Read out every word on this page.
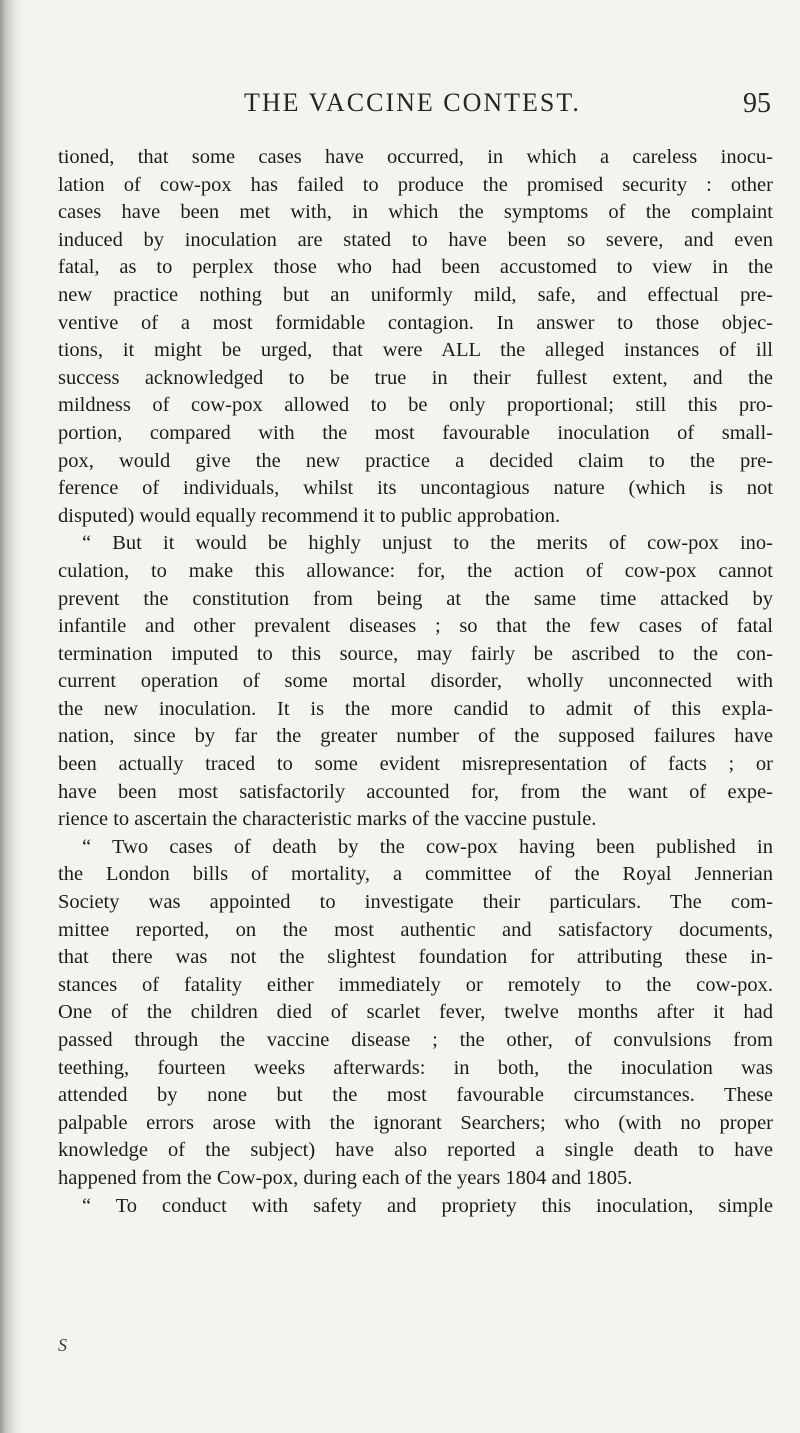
THE VACCINE CONTEST.	95
tioned, that some cases have occurred, in which a careless inocu-
lation of cow-pox has failed to produce the promised security : other
cases have been met with, in which the symptoms of the complaint
induced by inoculation are stated to have been so severe, and even
fatal, as to perplex those who had been accustomed to view in the
new practice nothing but an uniformly mild, safe, and effectual pre-
ventive of a most formidable contagion. In answer to those objec-
tions, it might be urged, that were ALL the alleged instances of ill
success acknowledged to be true in their fullest extent, and the
mildness of cow-pox allowed to be only proportional; still this pro-
portion, compared with the most favourable inoculation of small-
pox, would give the new practice a decided claim to the pre-
ference of individuals, whilst its uncontagious nature (which is not
disputed) would equally recommend it to public approbation.
“ But it would be highly unjust to the merits of cow-pox ino-
culation, to make this allowance: for, the action of cow-pox cannot
prevent the constitution from being at the same time attacked by
infantile and other prevalent diseases ; so that the few cases of fatal
termination imputed to this source, may fairly be ascribed to the con-
current operation of some mortal disorder, wholly unconnected with
the new inoculation. It is the more candid to admit of this expla-
nation, since by far the greater number of the supposed failures have
been actually traced to some evident misrepresentation of facts ; or
have been most satisfactorily accounted for, from the want of expe-
rience to ascertain the characteristic marks of the vaccine pustule.
“ Two cases of death by the cow-pox having been published in
the London bills of mortality, a committee of the Royal Jennerian
Society was appointed to investigate their particulars. The com-
mittee reported, on the most authentic and satisfactory documents,
that there was not the slightest foundation for attributing these in-
stances of fatality either immediately or remotely to the cow-pox.
One of the children died of scarlet fever, twelve months after it had
passed through the vaccine disease ; the other, of convulsions from
teething, fourteen weeks afterwards: in both, the inoculation was
attended by none but the most favourable circumstances. These
palpable errors arose with the ignorant Searchers; who (with no proper
knowledge of the subject) have also reported a single death to have
happened from the Cow-pox, during each of the years 1804 and 1805.
“ To conduct with safety and propriety this inoculation, simple
S
